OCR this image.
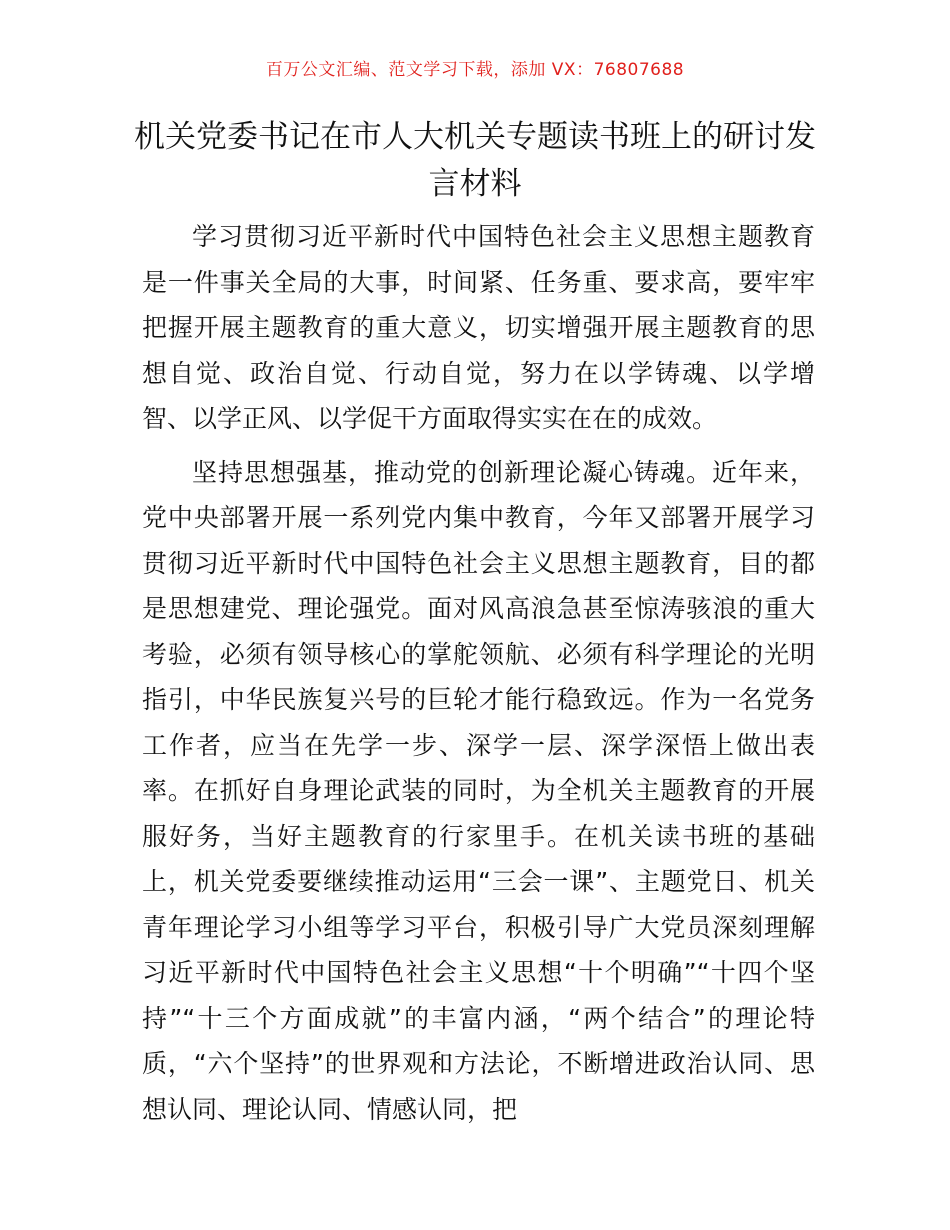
百万公文汇编、范文学习下载，添加 VX：76807688
机关党委书记在市人大机关专题读书班上的研讨发言材料

学习贯彻习近平新时代中国特色社会主义思想主题教育是一件事关全局的大事，时间紧、任务重、要求高，要牢牢把握开展主题教育的重大意义，切实增强开展主题教育的思想自觉、政治自觉、行动自觉，努力在以学铸魂、以学增智、以学正风、以学促干方面取得实实在在的成效。

坚持思想强基，推动党的创新理论凝心铸魂。近年来，党中央部署开展一系列党内集中教育，今年又部署开展学习贯彻习近平新时代中国特色社会主义思想主题教育，目的都是思想建党、理论强党。面对风高浪急甚至惊涛骇浪的重大考验，必须有领导核心的掌舵领航、必须有科学理论的光明指引，中华民族复兴号的巨轮才能行稳致远。作为一名党务工作者，应当在先学一步、深学一层、深学深悟上做出表率。在抓好自身理论武装的同时，为全机关主题教育的开展服好务，当好主题教育的行家里手。在机关读书班的基础上，机关党委要继续推动运用“三会一课”、主题党日、机关青年理论学习小组等学习平台，积极引导广大党员深刻理解习近平新时代中国特色社会主义思想“十个明确”“十四个坚持”“十三个方面成就”的丰富内涵，“两个结合”的理论特质，“六个坚持”的世界观和方法论，不断增进政治认同、思想认同、理论认同、情感认同，把
